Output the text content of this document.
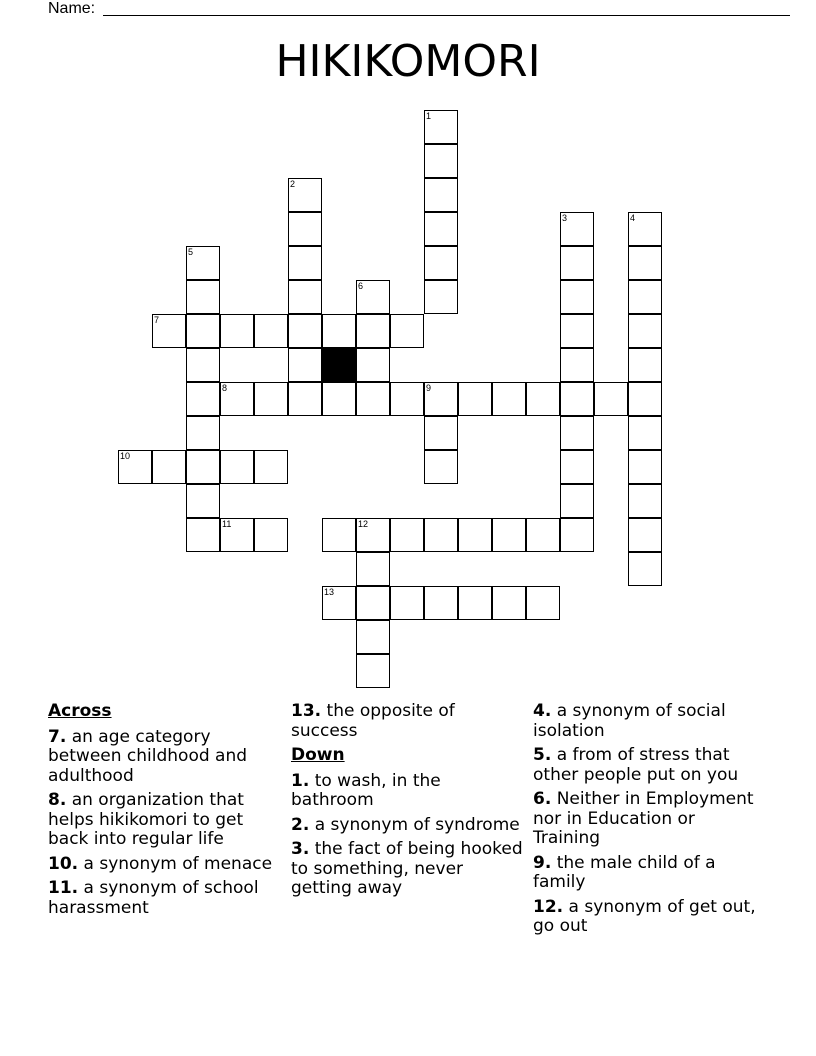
Name:
HIKIKOMORI
1
2
3	4
5
6
7
8	9
10
11	12
13
Across
7. an age category between childhood and adulthood
8. an organization that helps hikikomori to get back into regular life
10. a synonym of menace
11. a synonym of school harassment
13. the opposite of success
Down
1. to wash, in the bathroom
2. a synonym of syndrome
3. the fact of being hooked to something, never getting away
4. a synonym of social isolation
5. a from of stress that other people put on you
6. Neither in Employment nor in Education or Training
9. the male child of a family
12. a synonym of get out, go out
